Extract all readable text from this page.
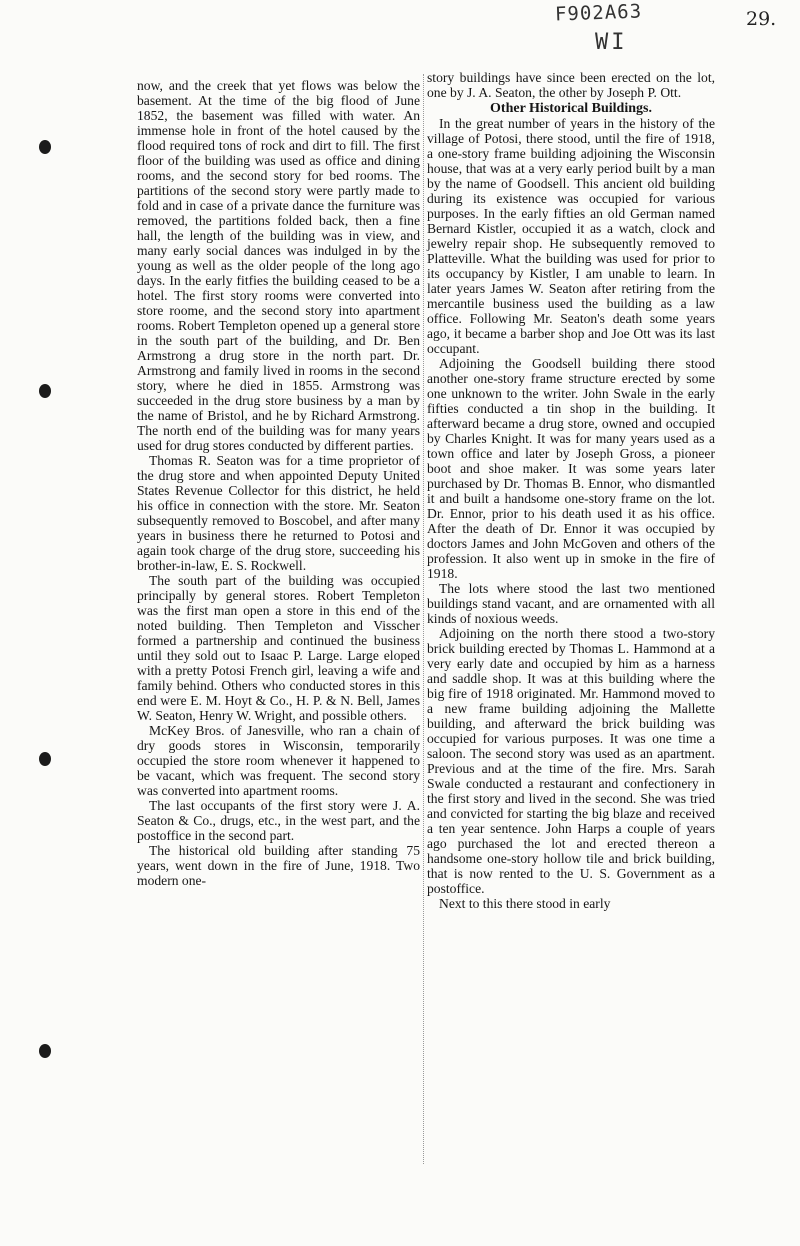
F902A63
WI
29.

now, and the creek that yet flows was below the basement. At the time of the big flood of June 1852, the basement was filled with water. An immense hole in front of the hotel caused by the flood required tons of rock and dirt to fill. The first floor of the building was used as office and dining rooms, and the second story for bed rooms. The partitions of the second story were partly made to fold and in case of a private dance the furniture was removed, the partitions folded back, then a fine hall, the length of the building was in view, and many early social dances was indulged in by the young as well as the older people of the long ago days. In the early fitfies the building ceased to be a hotel. The first story rooms were converted into store roome, and the second story into apartment rooms. Robert Templeton opened up a general store in the south part of the building, and Dr. Ben Armstrong a drug store in the north part. Dr. Armstrong and family lived in rooms in the second story, where he died in 1855. Armstrong was succeeded in the drug store business by a man by the name of Bristol, and he by Richard Armstrong. The north end of the building was for many years used for drug stores conducted by different parties.

Thomas R. Seaton was for a time proprietor of the drug store and when appointed Deputy United States Revenue Collector for this district, he held his office in connection with the store. Mr. Seaton subsequently removed to Boscobel, and after many years in business there he returned to Potosi and again took charge of the drug store, succeeding his brother-in-law, E. S. Rockwell.

The south part of the building was occupied principally by general stores. Robert Templeton was the first man open a store in this end of the noted building. Then Templeton and Visscher formed a partnership and continued the business until they sold out to Isaac P. Large. Large eloped with a pretty Potosi French girl, leaving a wife and family behind. Others who conducted stores in this end were E. M. Hoyt & Co., H. P. & N. Bell, James W. Seaton, Henry W. Wright, and possible others.

McKey Bros. of Janesville, who ran a chain of dry goods stores in Wisconsin, temporarily occupied the store room whenever it happened to be vacant, which was frequent. The second story was converted into apartment rooms.

The last occupants of the first story were J. A. Seaton & Co., drugs, etc., in the west part, and the postoffice in the second part.

The historical old building after standing 75 years, went down in the fire of June, 1918. Two modern one-

story buildings have since been erected on the lot, one by J. A. Seaton, the other by Joseph P. Ott.

Other Historical Buildings.

In the great number of years in the history of the village of Potosi, there stood, until the fire of 1918, a one-story frame building adjoining the Wisconsin house, that was at a very early period built by a man by the name of Goodsell. This ancient old building during its existence was occupied for various purposes. In the early fifties an old German named Bernard Kistler, occupied it as a watch, clock and jewelry repair shop. He subsequently removed to Platteville. What the building was used for prior to its occupancy by Kistler, I am unable to learn. In later years James W. Seaton after retiring from the mercantile business used the building as a law office. Following Mr. Seaton's death some years ago, it became a barber shop and Joe Ott was its last occupant.

Adjoining the Goodsell building there stood another one-story frame structure erected by some one unknown to the writer. John Swale in the early fifties conducted a tin shop in the building. It afterward became a drug store, owned and occupied by Charles Knight. It was for many years used as a town office and later by Joseph Gross, a pioneer boot and shoe maker. It was some years later purchased by Dr. Thomas B. Ennor, who dismantled it and built a handsome one-story frame on the lot. Dr. Ennor, prior to his death used it as his office. After the death of Dr. Ennor it was occupied by doctors James and John McGoven and others of the profession. It also went up in smoke in the fire of 1918.

The lots where stood the last two mentioned buildings stand vacant, and are ornamented with all kinds of noxious weeds.

Adjoining on the north there stood a two-story brick building erected by Thomas L. Hammond at a very early date and occupied by him as a harness and saddle shop. It was at this building where the big fire of 1918 originated. Mr. Hammond moved to a new frame building adjoining the Mallette building, and afterward the brick building was occupied for various purposes. It was one time a saloon. The second story was used as an apartment. Previous and at the time of the fire. Mrs. Sarah Swale conducted a restaurant and confectionery in the first story and lived in the second. She was tried and convicted for starting the big blaze and received a ten year sentence. John Harps a couple of years ago purchased the lot and erected thereon a handsome one-story hollow tile and brick building, that is now rented to the U. S. Government as a postoffice.

Next to this there stood in early
